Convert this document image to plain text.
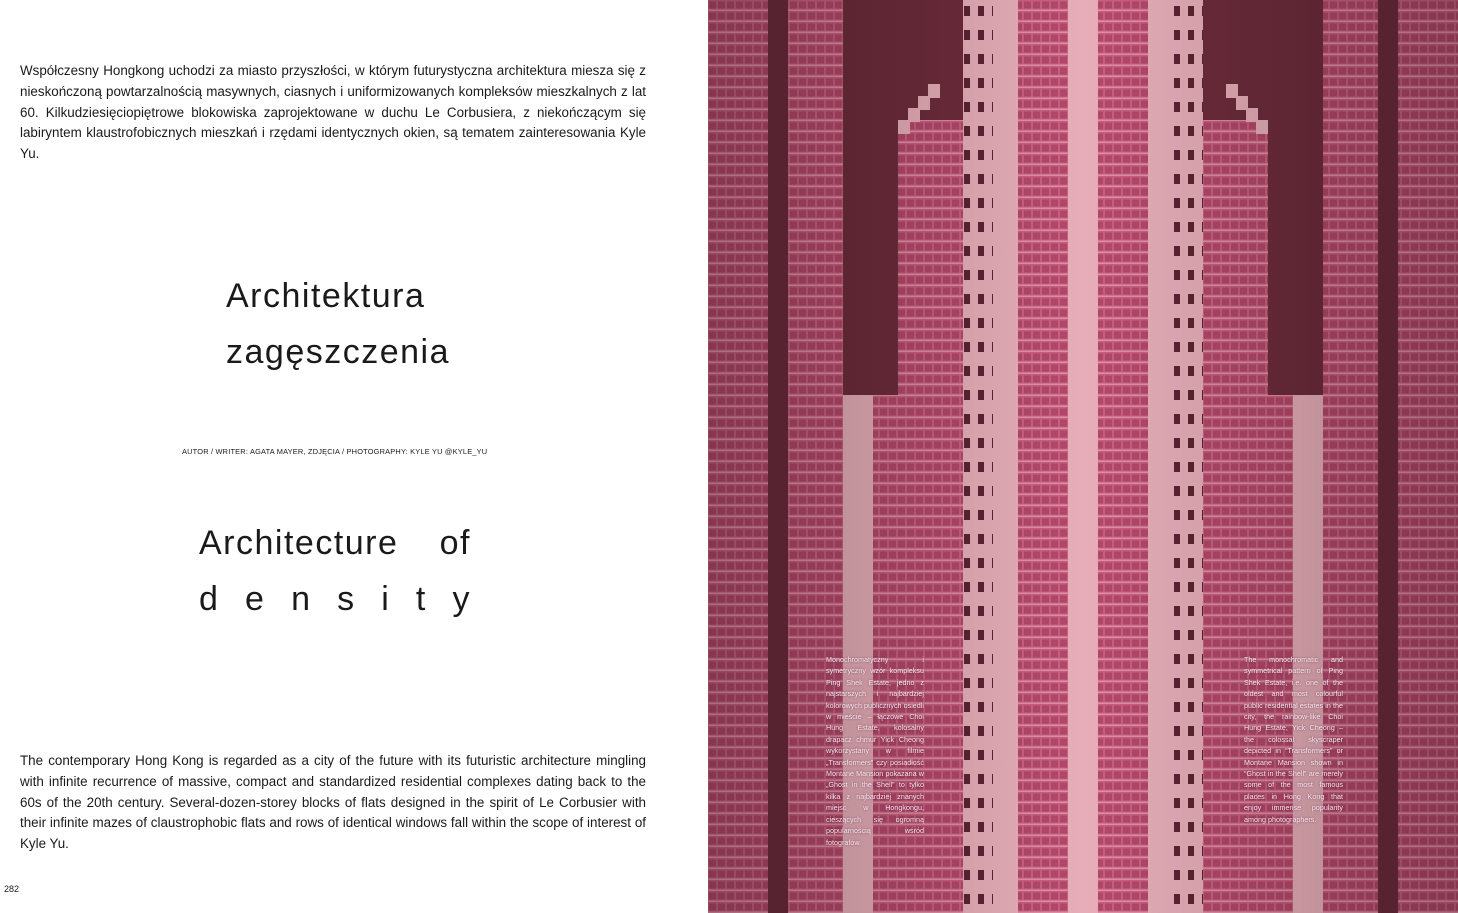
Współczesny Hongkong uchodzi za miasto przyszłości, w którym futurystyczna architektura miesza się z nieskończoną powtarzalnością masywnych, ciasnych i uniformizowanych kompleksów mieszkalnych z lat 60. Kilkudziesięciopiętrowe blokowiska zaprojektowane w duchu Le Corbusiera, z niekończącym się labiryntem klaustrofobicznych mieszkań i rzędami identycznych okien, są tematem zainteresowania Kyle Yu.

Architektura
zagęszczenia

AUTOR / WRITER: AGATA MAYER, ZDJĘCIA / PHOTOGRAPHY: KYLE YU @KYLE_YU

Architecture of
d e n s i t y

The contemporary Hong Kong is regarded as a city of the future with its futuristic architecture mingling with infinite recurrence of massive, compact and standardized residential complexes dating back to the 60s of the 20th century. Several-dozen-storey blocks of flats designed in the spirit of Le Corbusier with their infinite mazes of claustrophobic flats and rows of identical windows fall within the scope of interest of Kyle Yu.

282

Monochromatyczny i symetryczny wzór kompleksu Ping Shek Estate, jedno z najstarszych i najbardziej kolorowych publicznych osiedli w mieście – łączowe Choi Hung Estate, kolosalny drapacz chmur Yick Cheong wykorzystany w filmie „Transformers” czy posiadłość Montane Mansion pokazana w „Ghost in the Shell” to tylko kilka z najbardziej znanych miejsc w Hongkongu, cieszących się ogromną popularnością wśród fotografów.

The monochromatic and symmetrical pattern of Ping Shek Estate, i.e. one of the oldest and most colourful public residential estates in the city, the rainbow-like Choi Hung Estate, Yick Cheong – the colossal skyscraper depicted in “Transformers” or Montane Mansion shown in “Ghost in the Shell” are merely some of the most famous places in Hong Kong that enjoy immense popularity among photographers.
